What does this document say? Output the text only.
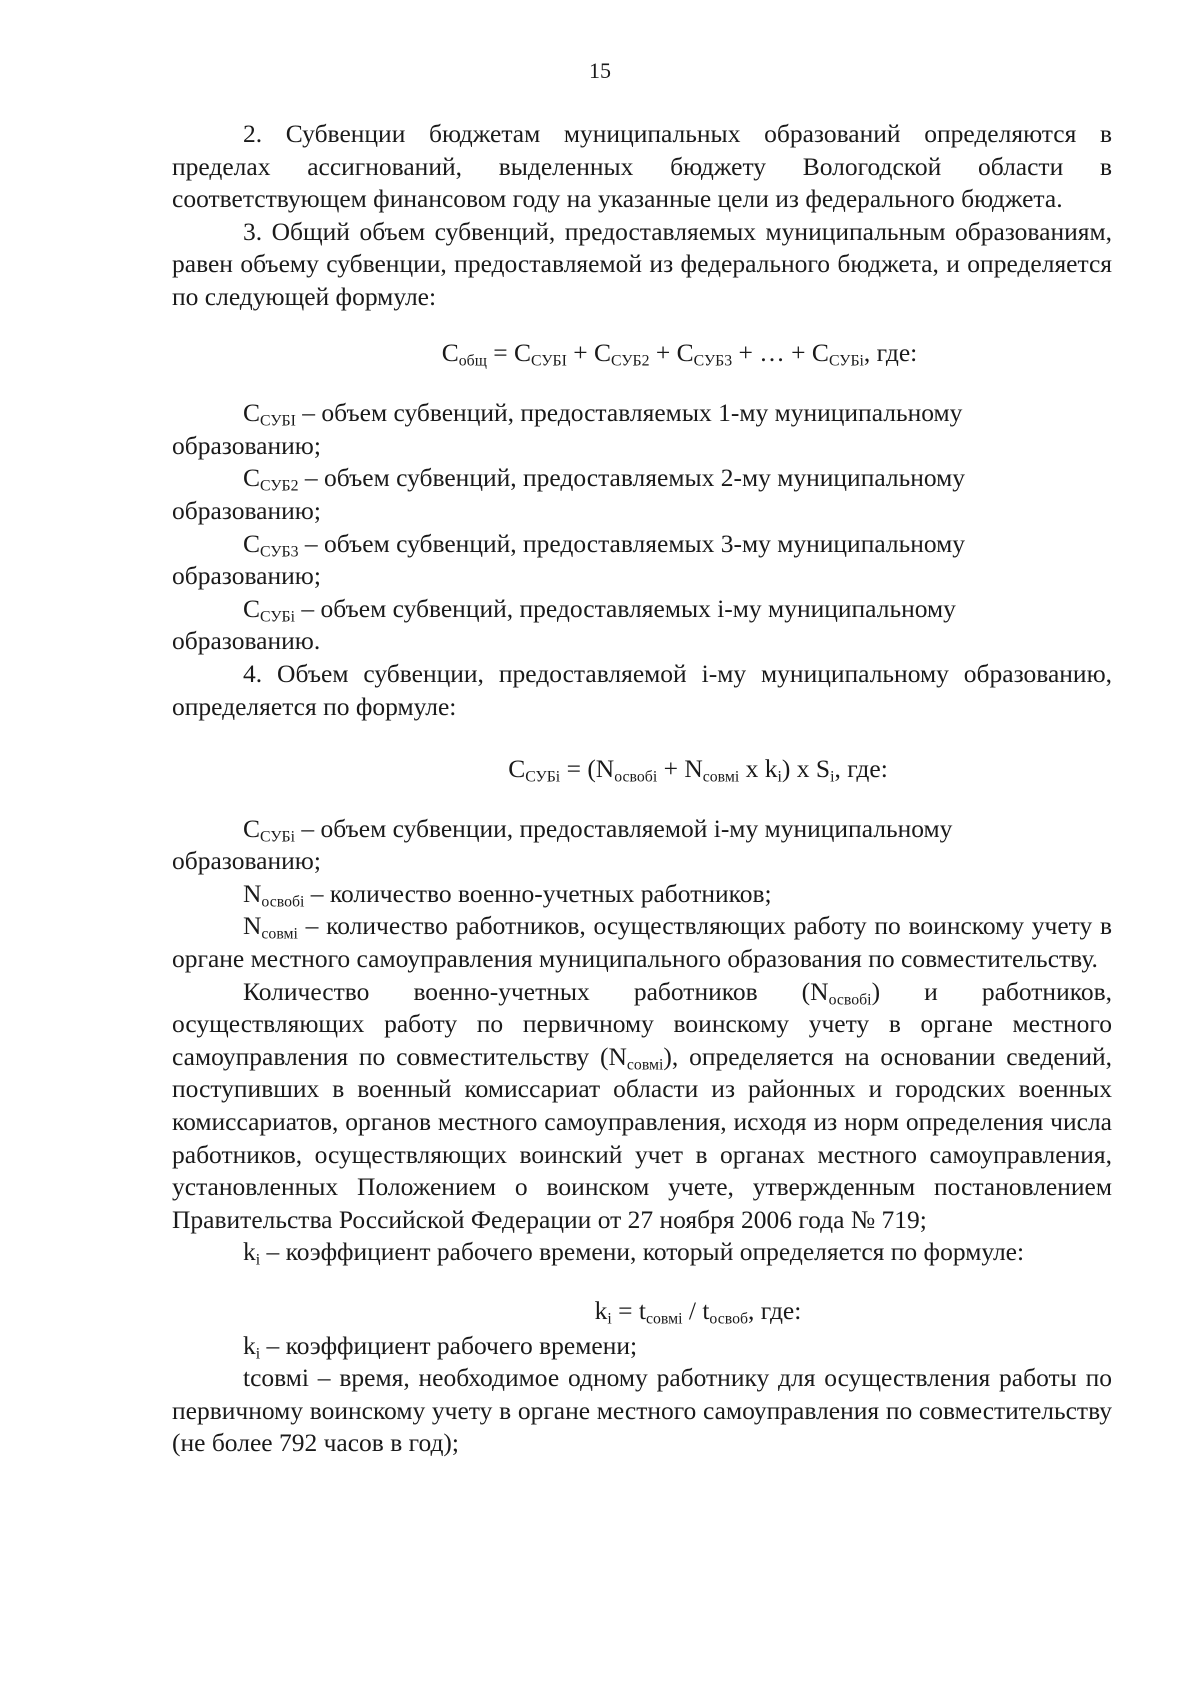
15

2. Субвенции бюджетам муниципальных образований определяются в пределах ассигнований, выделенных бюджету Вологодской области в соответствующем финансовом году на указанные цели из федерального бюджета.

3. Общий объем субвенций, предоставляемых муниципальным образованиям, равен объему субвенции, предоставляемой из федерального бюджета, и определяется по следующей формуле:

$С_{общ} = С_{СУБI} + С_{СУБ2} + С_{СУБ3}$ + … + $С_{СУБi}$, где:

$С_{СУБI}$ – объем субвенций, предоставляемых 1-му муниципальному

образованию;

$С_{СУБ2}$ – объем субвенций, предоставляемых 2-му муниципальному

образованию;

$С_{СУБ3}$ – объем субвенций, предоставляемых 3-му муниципальному

образованию;

$С_{СУБi}$ – объем субвенций, предоставляемых i-му муниципальному

образованию.

4. Объем субвенции, предоставляемой i-му муниципальному образованию, определяется по формуле:

$С_{СУБi} = (N_{освобi} + N_{совмi}$ x $k_i$) x $S_i$, где:

$С_{СУБi}$ – объем субвенции, предоставляемой i-му муниципальному

образованию;

$N_{освобi}$ – количество военно-учетных работников;

$N_{совмi}$ – количество работников, осуществляющих работу по воинскому учету в органе местного самоуправления муниципального образования по совместительству.

Количество военно-учетных работников $(N_{освобi})$ и работников, осуществляющих работу по первичному воинскому учету в органе местного самоуправления по совместительству $(N_{совмi})$, определяется на основании сведений, поступивших в военный комиссариат области из районных и городских военных комиссариатов, органов местного самоуправления, исходя из норм определения числа работников, осуществляющих воинский учет в органах местного самоуправления, установленных Положением о воинском учете, утвержденным постановлением Правительства Российской Федерации от 27 ноября 2006 года № 719;

$k_i$ – коэффициент рабочего времени, который определяется по формуле:

$k_i = t_{совмi} / t_{освоб}$, где:

$k_i$ – коэффициент рабочего времени;

tсовмi – время, необходимое одному работнику для осуществления работы по первичному воинскому учету в органе местного самоуправления по совместительству (не более 792 часов в год);
